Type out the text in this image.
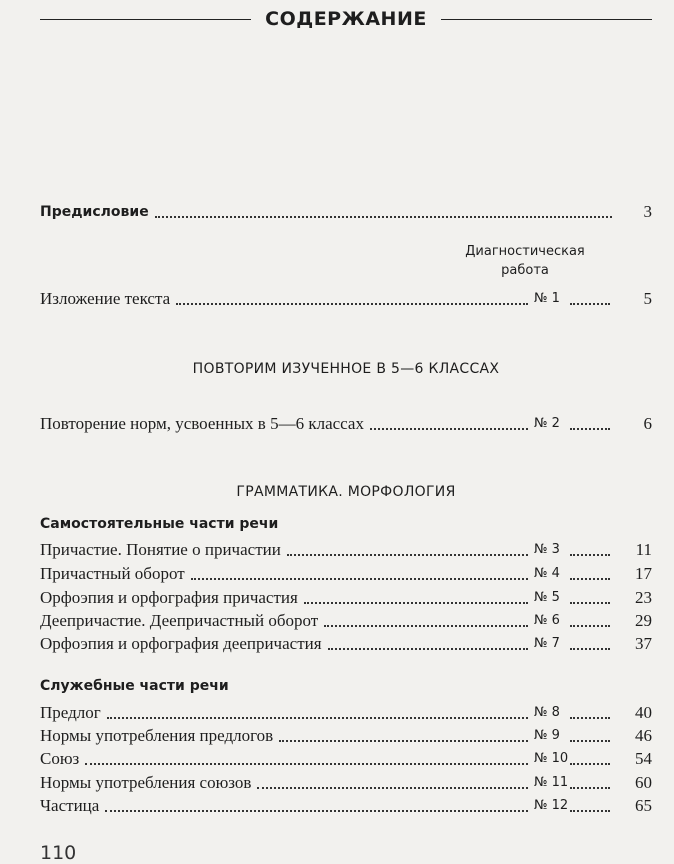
СОДЕРЖАНИЕ
Предисловие	3
Диагностическая
работа
Изложение текста	№ 1	5
ПОВТОРИМ ИЗУЧЕННОЕ В 5—6 КЛАССАХ
Повторение норм, усвоенных в 5—6 классах	№ 2	6
ГРАММАТИКА. МОРФОЛОГИЯ
Самостоятельные части речи
Причастие. Понятие о причастии	№ 3	11
Причастный оборот	№ 4	17
Орфоэпия и орфография причастия	№ 5	23
Деепричастие. Деепричастный оборот	№ 6	29
Орфоэпия и орфография деепричастия	№ 7	37
Служебные части речи
Предлог	№ 8	40
Нормы употребления предлогов	№ 9	46
Союз	№ 10	54
Нормы употребления союзов	№ 11	60
Частица	№ 12	65
110
